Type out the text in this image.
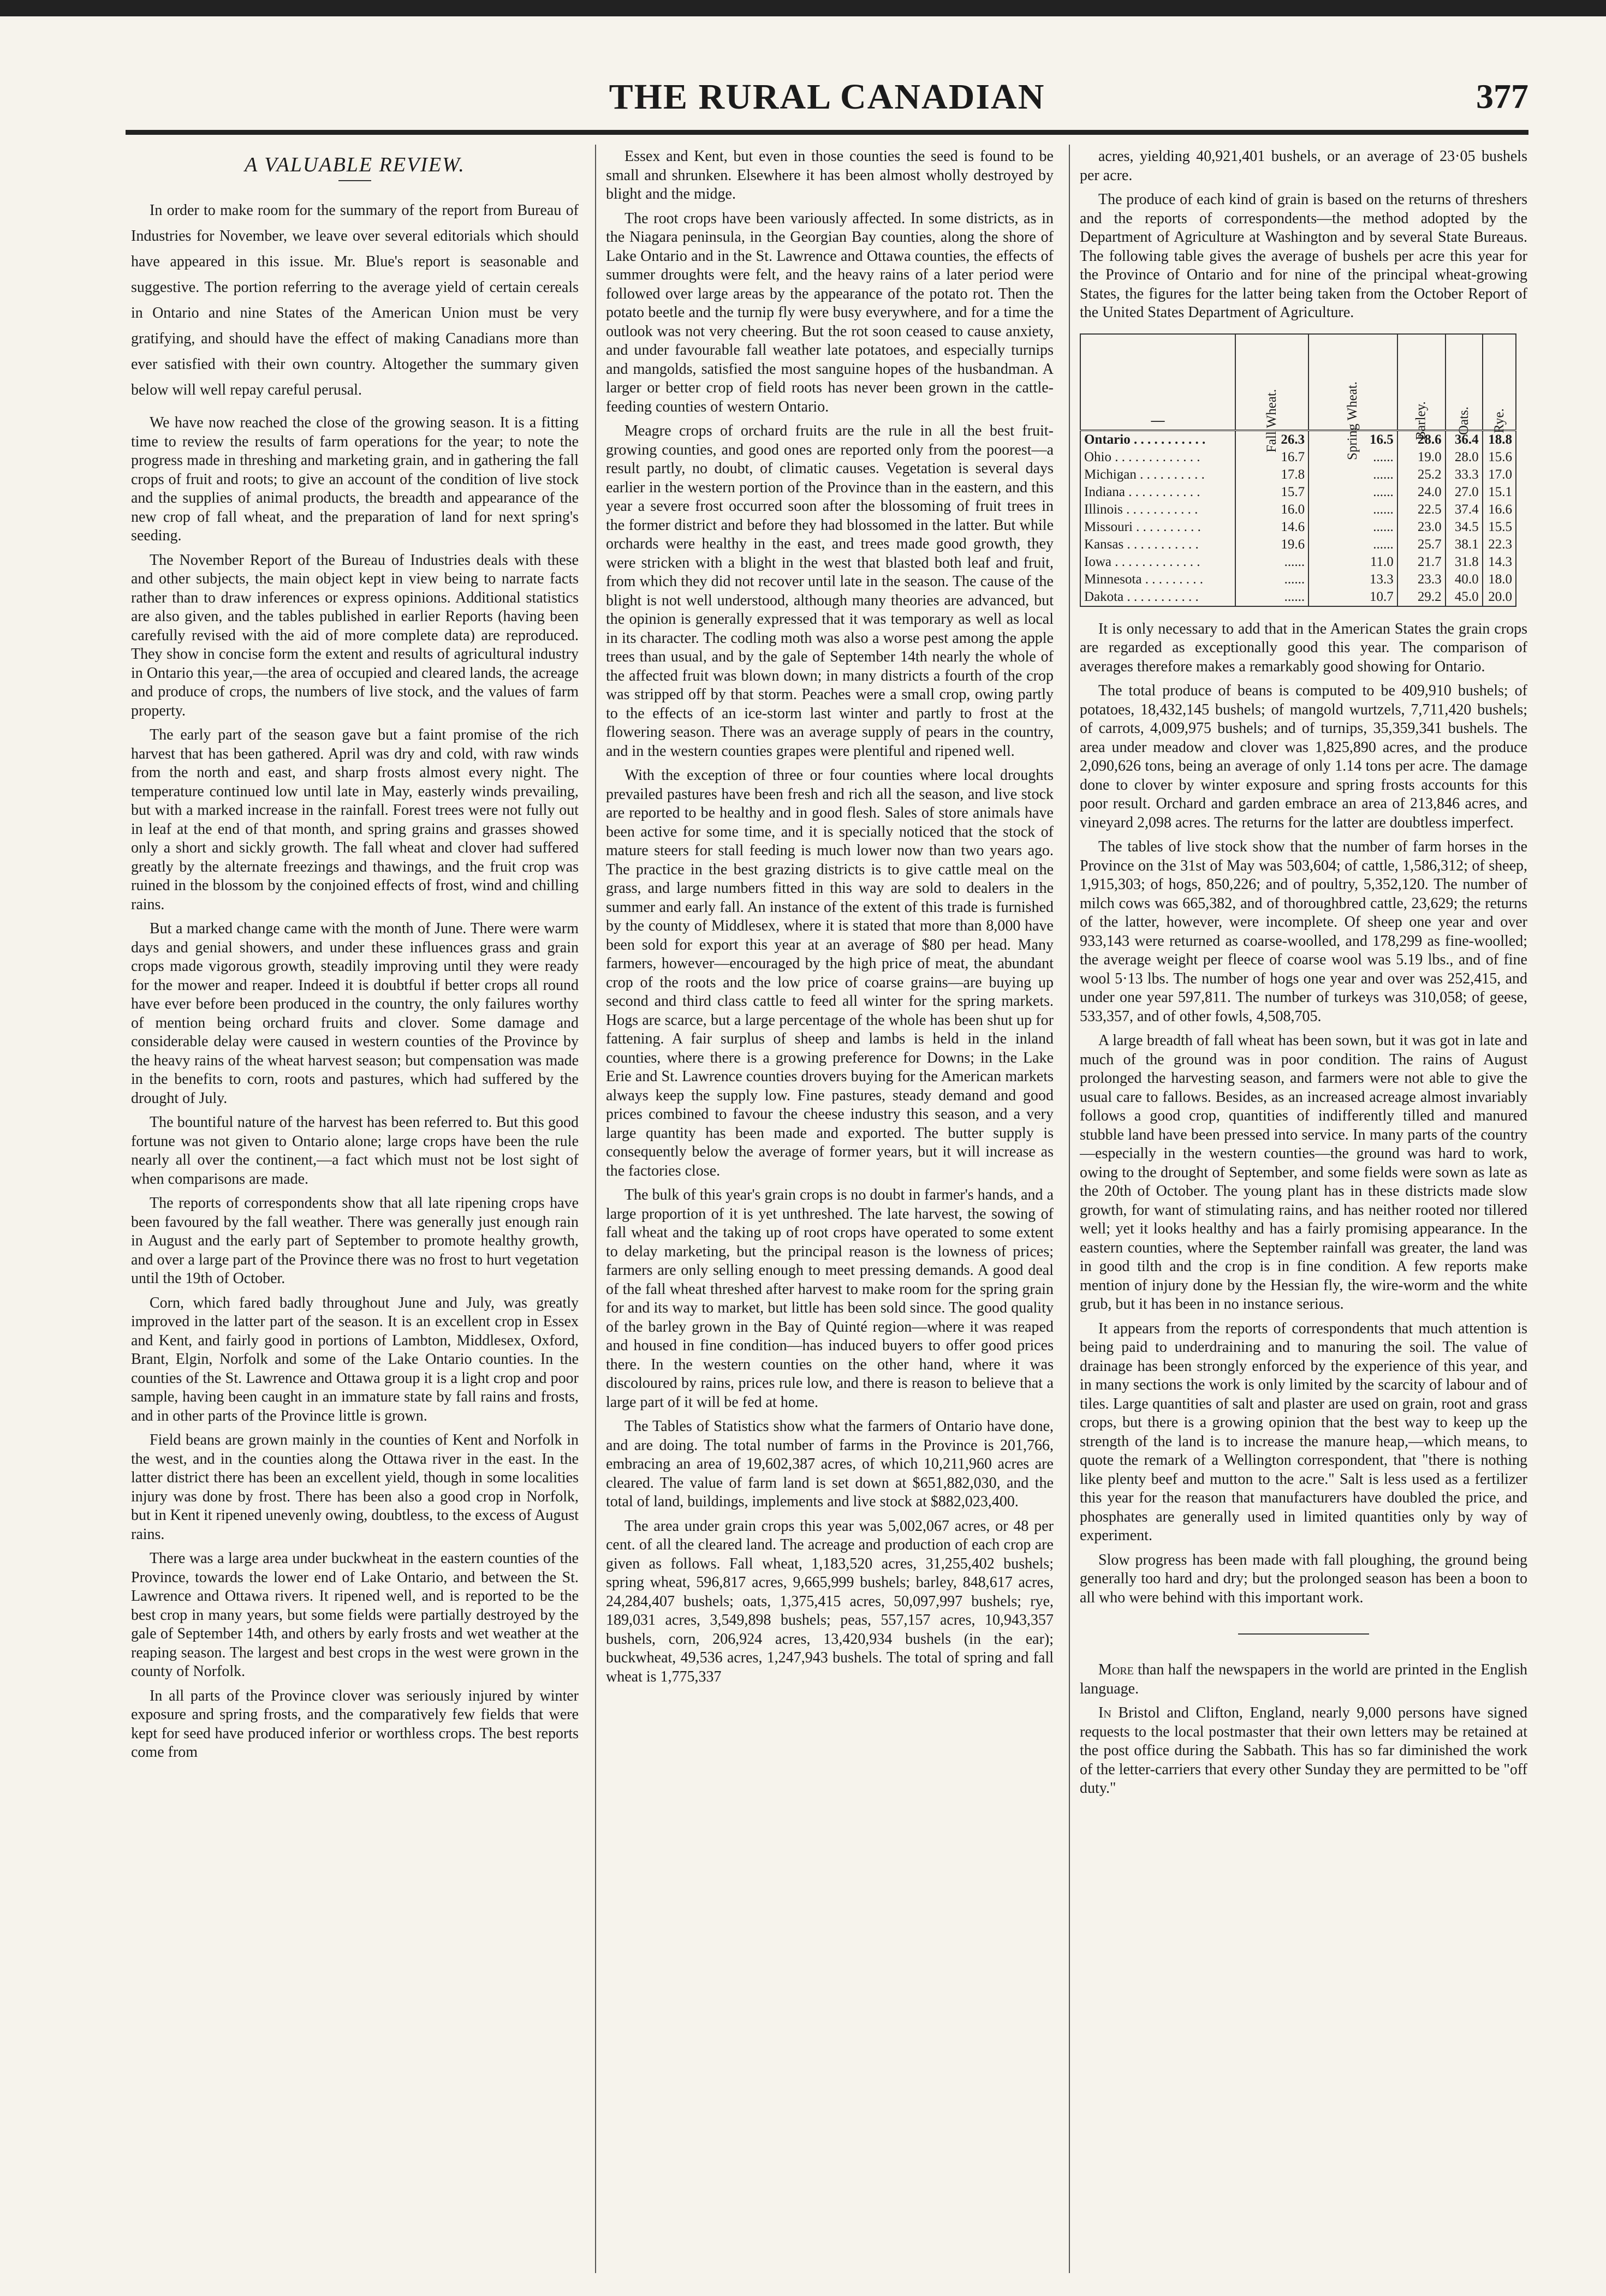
THE RURAL CANADIAN	377
A VALUABLE REVIEW.

In order to make room for the summary of the report from Bureau of Industries for November, we leave over several editorials which should have appeared in this issue. Mr. Blue's report is seasonable and suggestive. The portion referring to the average yield of certain cereals in Ontario and nine States of the American Union must be very gratifying, and should have the effect of making Canadians more than ever satisfied with their own country. Altogether the summary given below will well repay careful perusal.

We have now reached the close of the growing season. It is a fitting time to review the results of farm operations for the year; to note the progress made in threshing and marketing grain, and in gathering the fall crops of fruit and roots; to give an account of the condition of live stock and the supplies of animal products, the breadth and appearance of the new crop of fall wheat, and the preparation of land for next spring's seeding.

The November Report of the Bureau of Industries deals with these and other subjects, the main object kept in view being to narrate facts rather than to draw inferences or express opinions. Additional statistics are also given, and the tables published in earlier Reports (having been carefully revised with the aid of more complete data) are reproduced. They show in concise form the extent and results of agricultural industry in Ontario this year,—the area of occupied and cleared lands, the acreage and produce of crops, the numbers of live stock, and the values of farm property.

The early part of the season gave but a faint promise of the rich harvest that has been gathered. April was dry and cold, with raw winds from the north and east, and sharp frosts almost every night. The temperature continued low until late in May, easterly winds prevailing, but with a marked increase in the rainfall. Forest trees were not fully out in leaf at the end of that month, and spring grains and grasses showed only a short and sickly growth. The fall wheat and clover had suffered greatly by the alternate freezings and thawings, and the fruit crop was ruined in the blossom by the conjoined effects of frost, wind and chilling rains.

But a marked change came with the month of June. There were warm days and genial showers, and under these influences grass and grain crops made vigorous growth, steadily improving until they were ready for the mower and reaper. Indeed it is doubtful if better crops all round have ever before been produced in the country, the only failures worthy of mention being orchard fruits and clover. Some damage and considerable delay were caused in western counties of the Province by the heavy rains of the wheat harvest season; but compensation was made in the benefits to corn, roots and pastures, which had suffered by the drought of July.

The bountiful nature of the harvest has been referred to. But this good fortune was not given to Ontario alone; large crops have been the rule nearly all over the continent,—a fact which must not be lost sight of when comparisons are made.

The reports of correspondents show that all late ripening crops have been favoured by the fall weather. There was generally just enough rain in August and the early part of September to promote healthy growth, and over a large part of the Province there was no frost to hurt vegetation until the 19th of October.

Corn, which fared badly throughout June and July, was greatly improved in the latter part of the season. It is an excellent crop in Essex and Kent, and fairly good in portions of Lambton, Middlesex, Oxford, Brant, Elgin, Norfolk and some of the Lake Ontario counties. In the counties of the St. Lawrence and Ottawa group it is a light crop and poor sample, having been caught in an immature state by fall rains and frosts, and in other parts of the Province little is grown.

Field beans are grown mainly in the counties of Kent and Norfolk in the west, and in the counties along the Ottawa river in the east. In the latter district there has been an excellent yield, though in some localities injury was done by frost. There has been also a good crop in Norfolk, but in Kent it ripened unevenly owing, doubtless, to the excess of August rains.

There was a large area under buckwheat in the eastern counties of the Province, towards the lower end of Lake Ontario, and between the St. Lawrence and Ottawa rivers. It ripened well, and is reported to be the best crop in many years, but some fields were partially destroyed by the gale of September 14th, and others by early frosts and wet weather at the reaping season. The largest and best crops in the west were grown in the county of Norfolk.

In all parts of the Province clover was seriously injured by winter exposure and spring frosts, and the comparatively few fields that were kept for seed have produced inferior or worthless crops. The best reports come from

Essex and Kent, but even in those counties the seed is found to be small and shrunken. Elsewhere it has been almost wholly destroyed by blight and the midge.

The root crops have been variously affected. In some districts, as in the Niagara peninsula, in the Georgian Bay counties, along the shore of Lake Ontario and in the St. Lawrence and Ottawa counties, the effects of summer droughts were felt, and the heavy rains of a later period were followed over large areas by the appearance of the potato rot. Then the potato beetle and the turnip fly were busy everywhere, and for a time the outlook was not very cheering. But the rot soon ceased to cause anxiety, and under favourable fall weather late potatoes, and especially turnips and mangolds, satisfied the most sanguine hopes of the husbandman. A larger or better crop of field roots has never been grown in the cattle-feeding counties of western Ontario.

Meagre crops of orchard fruits are the rule in all the best fruit-growing counties, and good ones are reported only from the poorest—a result partly, no doubt, of climatic causes. Vegetation is several days earlier in the western portion of the Province than in the eastern, and this year a severe frost occurred soon after the blossoming of fruit trees in the former district and before they had blossomed in the latter. But while orchards were healthy in the east, and trees made good growth, they were stricken with a blight in the west that blasted both leaf and fruit, from which they did not recover until late in the season. The cause of the blight is not well understood, although many theories are advanced, but the opinion is generally expressed that it was temporary as well as local in its character. The codling moth was also a worse pest among the apple trees than usual, and by the gale of September 14th nearly the whole of the affected fruit was blown down; in many districts a fourth of the crop was stripped off by that storm. Peaches were a small crop, owing partly to the effects of an ice-storm last winter and partly to frost at the flowering season. There was an average supply of pears in the country, and in the western counties grapes were plentiful and ripened well.

With the exception of three or four counties where local droughts prevailed pastures have been fresh and rich all the season, and live stock are reported to be healthy and in good flesh. Sales of store animals have been active for some time, and it is specially noticed that the stock of mature steers for stall feeding is much lower now than two years ago. The practice in the best grazing districts is to give cattle meal on the grass, and large numbers fitted in this way are sold to dealers in the summer and early fall. An instance of the extent of this trade is furnished by the county of Middlesex, where it is stated that more than 8,000 have been sold for export this year at an average of $80 per head. Many farmers, however—encouraged by the high price of meat, the abundant crop of the roots and the low price of coarse grains—are buying up second and third class cattle to feed all winter for the spring markets. Hogs are scarce, but a large percentage of the whole has been shut up for fattening. A fair surplus of sheep and lambs is held in the inland counties, where there is a growing preference for Downs; in the Lake Erie and St. Lawrence counties drovers buying for the American markets always keep the supply low. Fine pastures, steady demand and good prices combined to favour the cheese industry this season, and a very large quantity has been made and exported. The butter supply is consequently below the average of former years, but it will increase as the factories close.

The bulk of this year's grain crops is no doubt in farmer's hands, and a large proportion of it is yet unthreshed. The late harvest, the sowing of fall wheat and the taking up of root crops have operated to some extent to delay marketing, but the principal reason is the lowness of prices; farmers are only selling enough to meet pressing demands. A good deal of the fall wheat threshed after harvest to make room for the spring grain for and its way to market, but little has been sold since. The good quality of the barley grown in the Bay of Quinté region—where it was reaped and housed in fine condition—has induced buyers to offer good prices there. In the western counties on the other hand, where it was discoloured by rains, prices rule low, and there is reason to believe that a large part of it will be fed at home.

The Tables of Statistics show what the farmers of Ontario have done, and are doing. The total number of farms in the Province is 201,766, embracing an area of 19,602,387 acres, of which 10,211,960 acres are cleared. The value of farm land is set down at $651,882,030, and the total of land, buildings, implements and live stock at $882,023,400.

The area under grain crops this year was 5,002,067 acres, or 48 per cent. of all the cleared land. The acreage and production of each crop are given as follows. Fall wheat, 1,183,520 acres, 31,255,402 bushels; spring wheat, 596,817 acres, 9,665,999 bushels; barley, 848,617 acres, 24,284,407 bushels; oats, 1,375,415 acres, 50,097,997 bushels; rye, 189,031 acres, 3,549,898 bushels; peas, 557,157 acres, 10,943,357 bushels, corn, 206,924 acres, 13,420,934 bushels (in the ear); buckwheat, 49,536 acres, 1,247,943 bushels. The total of spring and fall wheat is 1,775,337

acres, yielding 40,921,401 bushels, or an average of 23·05 bushels per acre.

The produce of each kind of grain is based on the returns of threshers and the reports of correspondents—the method adopted by the Department of Agriculture at Washington and by several State Bureaus. The following table gives the average of bushels per acre this year for the Province of Ontario and for nine of the principal wheat-growing States, the figures for the latter being taken from the October Report of the United States Department of Agriculture.

—	Fall Wheat.	Spring Wheat.	Barley.	Oats.	Rye.
Ontario . . . . . . . . . . .	26.3	16.5	28.6	36.4	18.8
Ohio . . . . . . . . . . . . .	16.7	......	19.0	28.0	15.6
Michigan . . . . . . . . . .	17.8	......	25.2	33.3	17.0
Indiana . . . . . . . . . . .	15.7	......	24.0	27.0	15.1
Illinois . . . . . . . . . . .	16.0	......	22.5	37.4	16.6
Missouri . . . . . . . . . .	14.6	......	23.0	34.5	15.5
Kansas . . . . . . . . . . .	19.6	......	25.7	38.1	22.3
Iowa . . . . . . . . . . . . .	......	11.0	21.7	31.8	14.3
Minnesota . . . . . . . . .	......	13.3	23.3	40.0	18.0
Dakota . . . . . . . . . . .	......	10.7	29.2	45.0	20.0

It is only necessary to add that in the American States the grain crops are regarded as exceptionally good this year. The comparison of averages therefore makes a remarkably good showing for Ontario.

The total produce of beans is computed to be 409,910 bushels; of potatoes, 18,432,145 bushels; of mangold wurtzels, 7,711,420 bushels; of carrots, 4,009,975 bushels; and of turnips, 35,359,341 bushels. The area under meadow and clover was 1,825,890 acres, and the produce 2,090,626 tons, being an average of only 1.14 tons per acre. The damage done to clover by winter exposure and spring frosts accounts for this poor result. Orchard and garden embrace an area of 213,846 acres, and vineyard 2,098 acres. The returns for the latter are doubtless imperfect.

The tables of live stock show that the number of farm horses in the Province on the 31st of May was 503,604; of cattle, 1,586,312; of sheep, 1,915,303; of hogs, 850,226; and of poultry, 5,352,120. The number of milch cows was 665,382, and of thoroughbred cattle, 23,629; the returns of the latter, however, were incomplete. Of sheep one year and over 933,143 were returned as coarse-woolled, and 178,299 as fine-woolled; the average weight per fleece of coarse wool was 5.19 lbs., and of fine wool 5·13 lbs. The number of hogs one year and over was 252,415, and under one year 597,811. The number of turkeys was 310,058; of geese, 533,357, and of other fowls, 4,508,705.

A large breadth of fall wheat has been sown, but it was got in late and much of the ground was in poor condition. The rains of August prolonged the harvesting season, and farmers were not able to give the usual care to fallows. Besides, as an increased acreage almost invariably follows a good crop, quantities of indifferently tilled and manured stubble land have been pressed into service. In many parts of the country—especially in the western counties—the ground was hard to work, owing to the drought of September, and some fields were sown as late as the 20th of October. The young plant has in these districts made slow growth, for want of stimulating rains, and has neither rooted nor tillered well; yet it looks healthy and has a fairly promising appearance. In the eastern counties, where the September rainfall was greater, the land was in good tilth and the crop is in fine condition. A few reports make mention of injury done by the Hessian fly, the wire-worm and the white grub, but it has been in no instance serious.

It appears from the reports of correspondents that much attention is being paid to underdraining and to manuring the soil. The value of drainage has been strongly enforced by the experience of this year, and in many sections the work is only limited by the scarcity of labour and of tiles. Large quantities of salt and plaster are used on grain, root and grass crops, but there is a growing opinion that the best way to keep up the strength of the land is to increase the manure heap,—which means, to quote the remark of a Wellington correspondent, that "there is nothing like plenty beef and mutton to the acre." Salt is less used as a fertilizer this year for the reason that manufacturers have doubled the price, and phosphates are generally used in limited quantities only by way of experiment.

Slow progress has been made with fall ploughing, the ground being generally too hard and dry; but the prolonged season has been a boon to all who were behind with this important work.

More than half the newspapers in the world are printed in the English language.

In Bristol and Clifton, England, nearly 9,000 persons have signed requests to the local postmaster that their own letters may be retained at the post office during the Sabbath. This has so far diminished the work of the letter-carriers that every other Sunday they are permitted to be "off duty."
